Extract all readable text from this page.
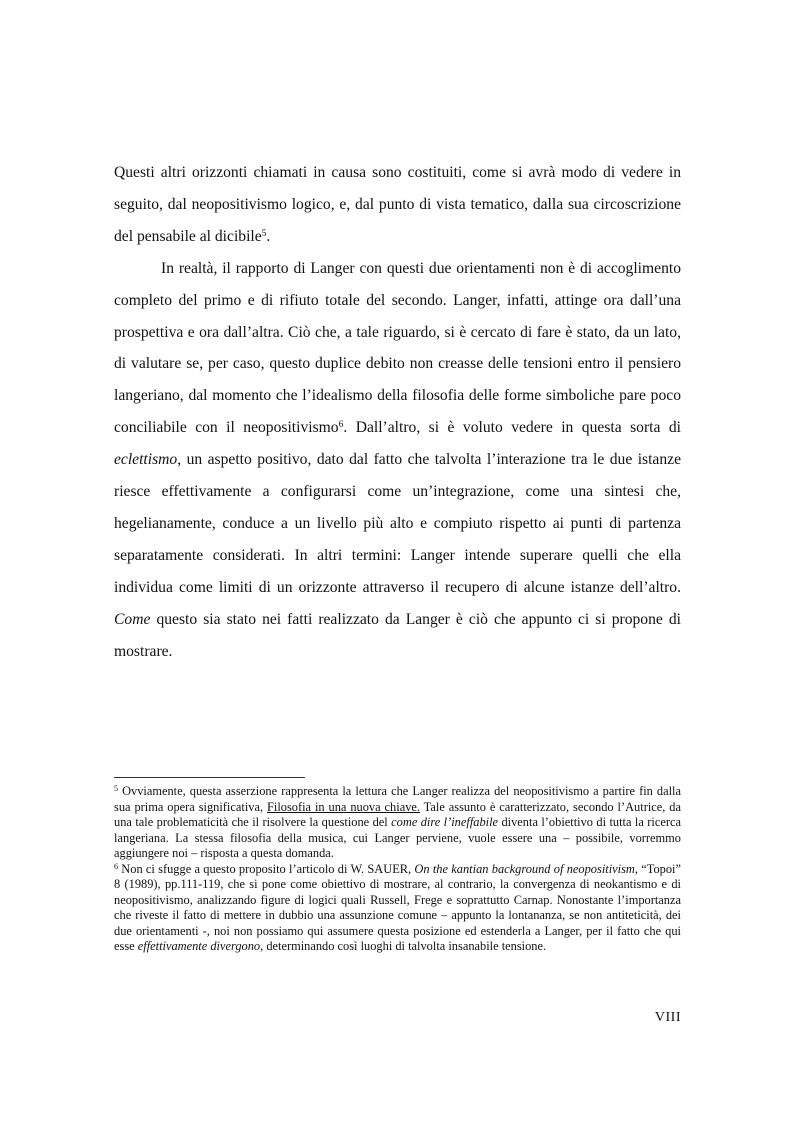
Questi altri orizzonti chiamati in causa sono costituiti, come si avrà modo di vedere in seguito, dal neopositivismo logico, e, dal punto di vista tematico, dalla sua circoscrizione del pensabile al dicibile$^5$.

In realtà, il rapporto di Langer con questi due orientamenti non è di accoglimento completo del primo e di rifiuto totale del secondo. Langer, infatti, attinge ora dall’una prospettiva e ora dall’altra. Ciò che, a tale riguardo, si è cercato di fare è stato, da un lato, di valutare se, per caso, questo duplice debito non creasse delle tensioni entro il pensiero langeriano, dal momento che l’idealismo della filosofia delle forme simboliche pare poco conciliabile con il neopositivismo$^6$. Dall’altro, si è voluto vedere in questa sorta di eclettismo, un aspetto positivo, dato dal fatto che talvolta l’interazione tra le due istanze riesce effettivamente a configurarsi come un’integrazione, come una sintesi che, hegelianamente, conduce a un livello più alto e compiuto rispetto ai punti di partenza separatamente considerati. In altri termini: Langer intende superare quelli che ella individua come limiti di un orizzonte attraverso il recupero di alcune istanze dell’altro. Come questo sia stato nei fatti realizzato da Langer è ciò che appunto ci si propone di mostrare.

$^5$ Ovviamente, questa asserzione rappresenta la lettura che Langer realizza del neopositivismo a partire fin dalla sua prima opera significativa, Filosofia in una nuova chiave. Tale assunto è caratterizzato, secondo l’Autrice, da una tale problematicità che il risolvere la questione del come dire l’ineffabile diventa l’obiettivo di tutta la ricerca langeriana. La stessa filosofia della musica, cui Langer perviene, vuole essere una – possibile, vorremmo aggiungere noi – risposta a questa domanda.

$^6$ Non ci sfugge a questo proposito l’articolo di W. SAUER, On the kantian background of neopositivism, “Topoi” 8 (1989), pp.111-119, che si pone come obiettivo di mostrare, al contrario, la convergenza di neokantismo e di neopositivismo, analizzando figure di logici quali Russell, Frege e soprattutto Carnap. Nonostante l’importanza che riveste il fatto di mettere in dubbio una assunzione comune – appunto la lontananza, se non antiteticità, dei due orientamenti -, noi non possiamo qui assumere questa posizione ed estenderla a Langer, per il fatto che qui esse effettivamente divergono, determinando così luoghi di talvolta insanabile tensione.

VIII
